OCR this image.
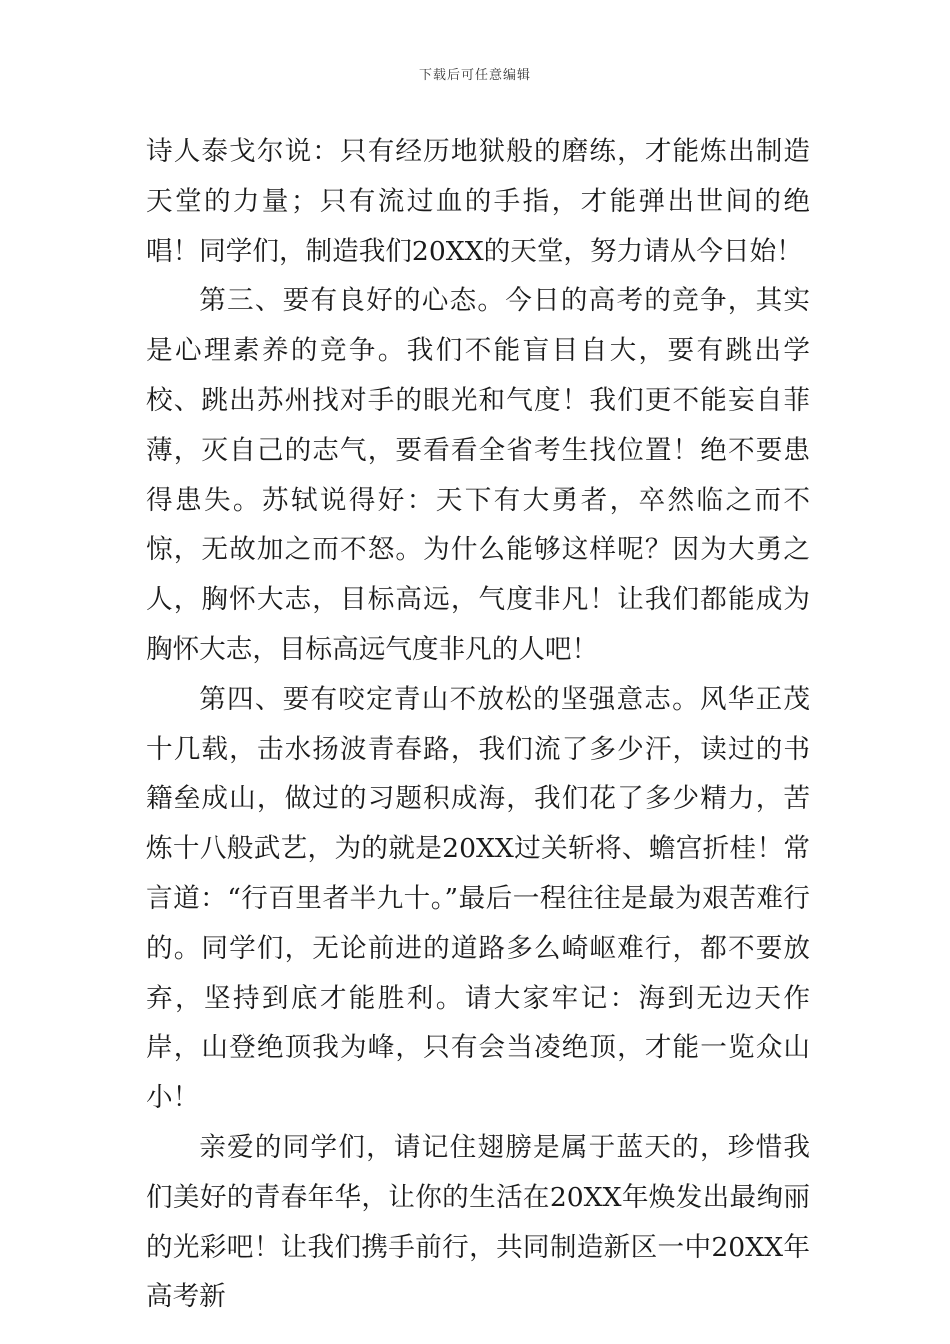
下载后可任意编辑

诗人泰戈尔说：只有经历地狱般的磨练，才能炼出制造天堂的力量；只有流过血的手指，才能弹出世间的绝唱！同学们，制造我们20XX的天堂，努力请从今日始！

第三、要有良好的心态。今日的高考的竞争，其实是心理素养的竞争。我们不能盲目自大，要有跳出学校、跳出苏州找对手的眼光和气度！我们更不能妄自菲薄，灭自己的志气，要看看全省考生找位置！绝不要患得患失。苏轼说得好：天下有大勇者，卒然临之而不惊，无故加之而不怒。为什么能够这样呢？因为大勇之人，胸怀大志，目标高远，气度非凡！让我们都能成为胸怀大志，目标高远气度非凡的人吧！

第四、要有咬定青山不放松的坚强意志。风华正茂十几载，击水扬波青春路，我们流了多少汗，读过的书籍垒成山，做过的习题积成海，我们花了多少精力，苦炼十八般武艺，为的就是20XX过关斩将、蟾宫折桂！常言道：“行百里者半九十。”最后一程往往是最为艰苦难行的。同学们，无论前进的道路多么崎岖难行，都不要放弃，坚持到底才能胜利。请大家牢记：海到无边天作岸，山登绝顶我为峰，只有会当凌绝顶，才能一览众山小！

亲爱的同学们，请记住翅膀是属于蓝天的，珍惜我们美好的青春年华，让你的生活在20XX年焕发出最绚丽的光彩吧！让我们携手前行，共同制造新区一中20XX年高考新
